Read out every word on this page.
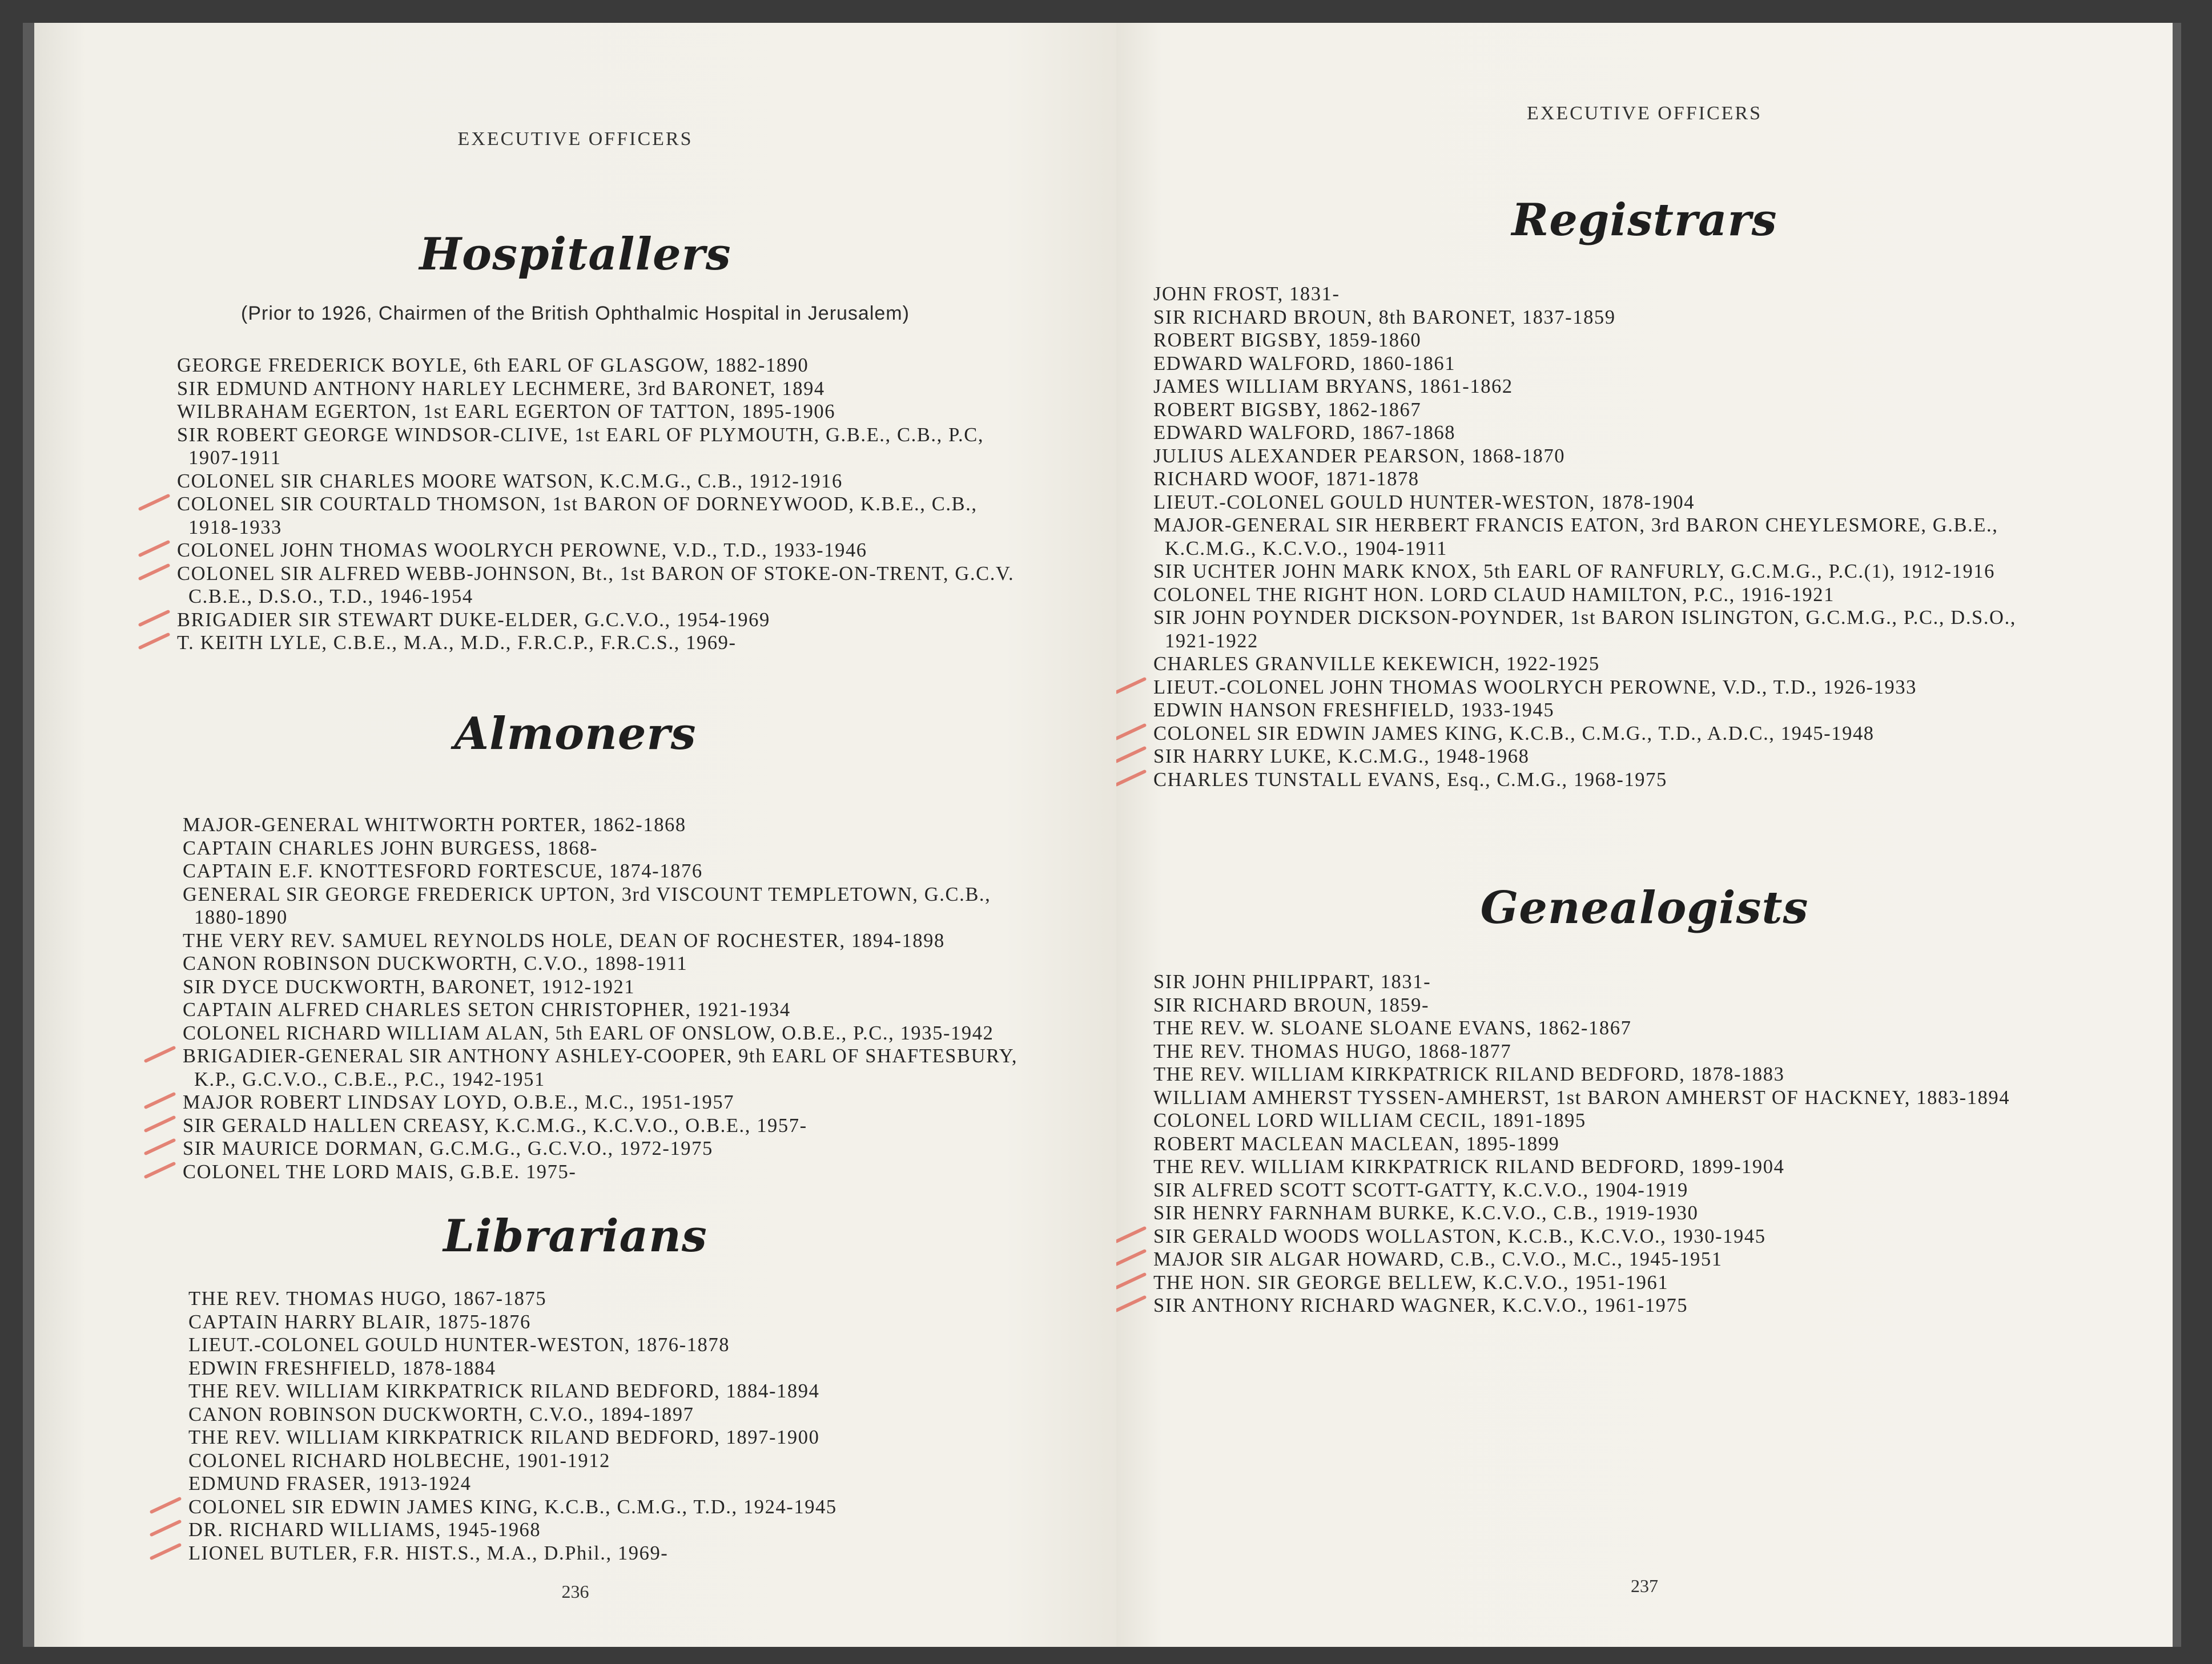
EXECUTIVE OFFICERS
Hospitallers
(Prior to 1926, Chairmen of the British Ophthalmic Hospital in Jerusalem)
GEORGE FREDERICK BOYLE, 6th EARL OF GLASGOW, 1882-1890
SIR EDMUND ANTHONY HARLEY LECHMERE, 3rd BARONET, 1894
WILBRAHAM EGERTON, 1st EARL EGERTON OF TATTON, 1895-1906
SIR ROBERT GEORGE WINDSOR-CLIVE, 1st EARL OF PLYMOUTH, G.B.E., C.B., P.C,
1907-1911
COLONEL SIR CHARLES MOORE WATSON, K.C.M.G., C.B., 1912-1916
COLONEL SIR COURTALD THOMSON, 1st BARON OF DORNEYWOOD, K.B.E., C.B.,
1918-1933
COLONEL JOHN THOMAS WOOLRYCH PEROWNE, V.D., T.D., 1933-1946
COLONEL SIR ALFRED WEBB-JOHNSON, Bt., 1st BARON OF STOKE-ON-TRENT, G.C.V.
C.B.E., D.S.O., T.D., 1946-1954
BRIGADIER SIR STEWART DUKE-ELDER, G.C.V.O., 1954-1969
T. KEITH LYLE, C.B.E., M.A., M.D., F.R.C.P., F.R.C.S., 1969-
Almoners
MAJOR-GENERAL WHITWORTH PORTER, 1862-1868
CAPTAIN CHARLES JOHN BURGESS, 1868-
CAPTAIN E.F. KNOTTESFORD FORTESCUE, 1874-1876
GENERAL SIR GEORGE FREDERICK UPTON, 3rd VISCOUNT TEMPLETOWN, G.C.B.,
1880-1890
THE VERY REV. SAMUEL REYNOLDS HOLE, DEAN OF ROCHESTER, 1894-1898
CANON ROBINSON DUCKWORTH, C.V.O., 1898-1911
SIR DYCE DUCKWORTH, BARONET, 1912-1921
CAPTAIN ALFRED CHARLES SETON CHRISTOPHER, 1921-1934
COLONEL RICHARD WILLIAM ALAN, 5th EARL OF ONSLOW, O.B.E., P.C., 1935-1942
BRIGADIER-GENERAL SIR ANTHONY ASHLEY-COOPER, 9th EARL OF SHAFTESBURY,
K.P., G.C.V.O., C.B.E., P.C., 1942-1951
MAJOR ROBERT LINDSAY LOYD, O.B.E., M.C., 1951-1957
SIR GERALD HALLEN CREASY, K.C.M.G., K.C.V.O., O.B.E., 1957-
SIR MAURICE DORMAN, G.C.M.G., G.C.V.O., 1972-1975
COLONEL THE LORD MAIS, G.B.E. 1975-
Librarians
THE REV. THOMAS HUGO, 1867-1875
CAPTAIN HARRY BLAIR, 1875-1876
LIEUT.-COLONEL GOULD HUNTER-WESTON, 1876-1878
EDWIN FRESHFIELD, 1878-1884
THE REV. WILLIAM KIRKPATRICK RILAND BEDFORD, 1884-1894
CANON ROBINSON DUCKWORTH, C.V.O., 1894-1897
THE REV. WILLIAM KIRKPATRICK RILAND BEDFORD, 1897-1900
COLONEL RICHARD HOLBECHE, 1901-1912
EDMUND FRASER, 1913-1924
COLONEL SIR EDWIN JAMES KING, K.C.B., C.M.G., T.D., 1924-1945
DR. RICHARD WILLIAMS, 1945-1968
LIONEL BUTLER, F.R. HIST.S., M.A., D.Phil., 1969-
236
EXECUTIVE OFFICERS
Registrars
JOHN FROST, 1831-
SIR RICHARD BROUN, 8th BARONET, 1837-1859
ROBERT BIGSBY, 1859-1860
EDWARD WALFORD, 1860-1861
JAMES WILLIAM BRYANS, 1861-1862
ROBERT BIGSBY, 1862-1867
EDWARD WALFORD, 1867-1868
JULIUS ALEXANDER PEARSON, 1868-1870
RICHARD WOOF, 1871-1878
LIEUT.-COLONEL GOULD HUNTER-WESTON, 1878-1904
MAJOR-GENERAL SIR HERBERT FRANCIS EATON, 3rd BARON CHEYLESMORE, G.B.E.,
K.C.M.G., K.C.V.O., 1904-1911
SIR UCHTER JOHN MARK KNOX, 5th EARL OF RANFURLY, G.C.M.G., P.C.(1), 1912-1916
COLONEL THE RIGHT HON. LORD CLAUD HAMILTON, P.C., 1916-1921
SIR JOHN POYNDER DICKSON-POYNDER, 1st BARON ISLINGTON, G.C.M.G., P.C., D.S.O.,
1921-1922
CHARLES GRANVILLE KEKEWICH, 1922-1925
LIEUT.-COLONEL JOHN THOMAS WOOLRYCH PEROWNE, V.D., T.D., 1926-1933
EDWIN HANSON FRESHFIELD, 1933-1945
COLONEL SIR EDWIN JAMES KING, K.C.B., C.M.G., T.D., A.D.C., 1945-1948
SIR HARRY LUKE, K.C.M.G., 1948-1968
CHARLES TUNSTALL EVANS, Esq., C.M.G., 1968-1975
Genealogists
SIR JOHN PHILIPPART, 1831-
SIR RICHARD BROUN, 1859-
THE REV. W. SLOANE SLOANE EVANS, 1862-1867
THE REV. THOMAS HUGO, 1868-1877
THE REV. WILLIAM KIRKPATRICK RILAND BEDFORD, 1878-1883
WILLIAM AMHERST TYSSEN-AMHERST, 1st BARON AMHERST OF HACKNEY, 1883-1894
COLONEL LORD WILLIAM CECIL, 1891-1895
ROBERT MACLEAN MACLEAN, 1895-1899
THE REV. WILLIAM KIRKPATRICK RILAND BEDFORD, 1899-1904
SIR ALFRED SCOTT SCOTT-GATTY, K.C.V.O., 1904-1919
SIR HENRY FARNHAM BURKE, K.C.V.O., C.B., 1919-1930
SIR GERALD WOODS WOLLASTON, K.C.B., K.C.V.O., 1930-1945
MAJOR SIR ALGAR HOWARD, C.B., C.V.O., M.C., 1945-1951
THE HON. SIR GEORGE BELLEW, K.C.V.O., 1951-1961
SIR ANTHONY RICHARD WAGNER, K.C.V.O., 1961-1975
237
